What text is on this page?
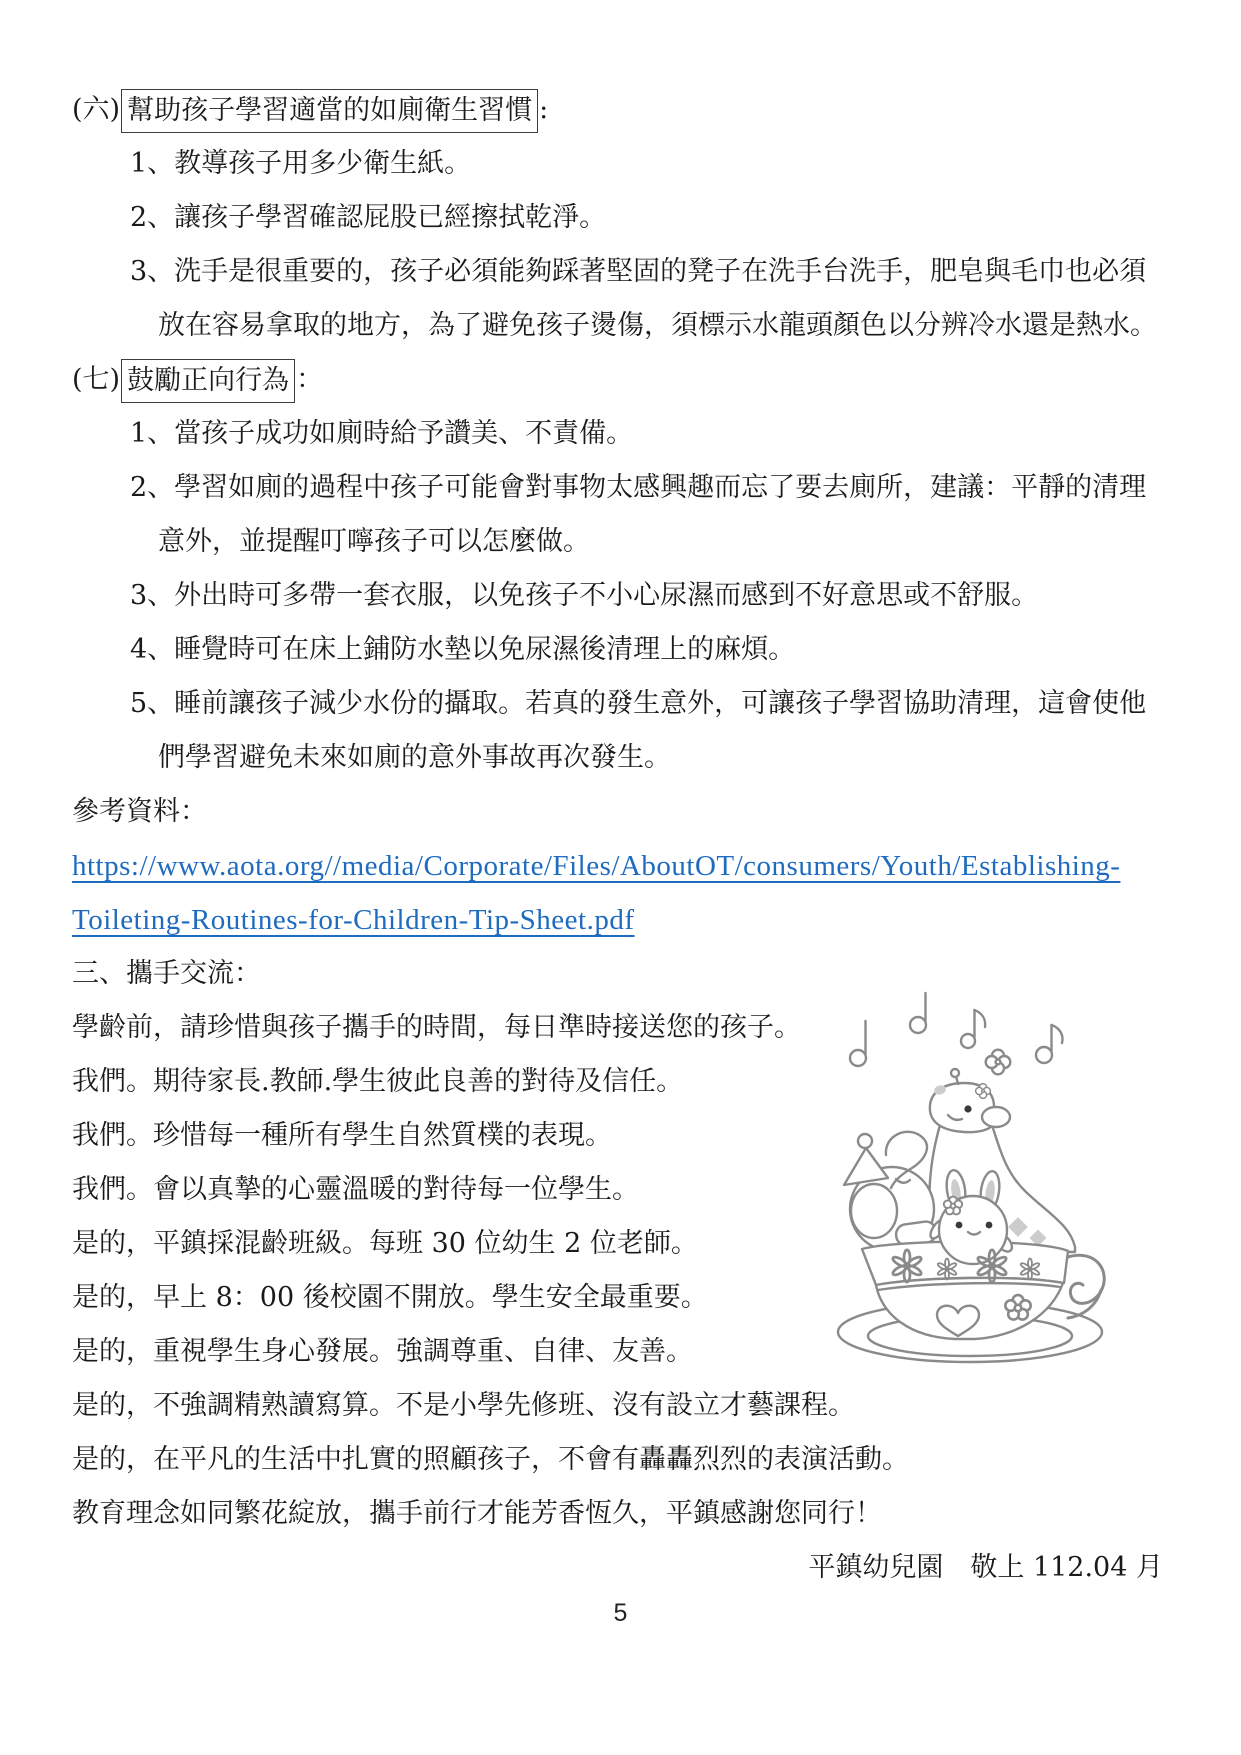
(六) 幫助孩子學習適當的如廁衛生習慣 :
1、教導孩子用多少衛生紙。
2、讓孩子學習確認屁股已經擦拭乾淨。
3、洗手是很重要的，孩子必須能夠踩著堅固的凳子在洗手台洗手，肥皂與毛巾也必須
放在容易拿取的地方，為了避免孩子燙傷，須標示水龍頭顏色以分辨冷水還是熱水。
(七) 鼓勵正向行為 ：
1、當孩子成功如廁時給予讚美、不責備。
2、學習如廁的過程中孩子可能會對事物太感興趣而忘了要去廁所，建議：平靜的清理
意外，並提醒叮嚀孩子可以怎麼做。
3、外出時可多帶一套衣服，以免孩子不小心尿濕而感到不好意思或不舒服。
4、睡覺時可在床上鋪防水墊以免尿濕後清理上的麻煩。
5、睡前讓孩子減少水份的攝取。若真的發生意外，可讓孩子學習協助清理，這會使他
們學習避免未來如廁的意外事故再次發生。
參考資料：
https://www.aota.org//media/Corporate/Files/AboutOT/consumers/Youth/Establishing-
Toileting-Routines-for-Children-Tip-Sheet.pdf
三、攜手交流：
學齡前，請珍惜與孩子攜手的時間，每日準時接送您的孩子。
我們。期待家長.教師.學生彼此良善的對待及信任。
我們。珍惜每一種所有學生自然質樸的表現。
我們。會以真摯的心靈溫暖的對待每一位學生。
是的，平鎮採混齡班級。每班 30 位幼生 2 位老師。
是的，早上 8：00 後校園不開放。學生安全最重要。
是的，重視學生身心發展。強調尊重、自律、友善。
是的，不強調精熟讀寫算。不是小學先修班、沒有設立才藝課程。
是的，在平凡的生活中扎實的照顧孩子，不會有轟轟烈烈的表演活動。
教育理念如同繁花綻放，攜手前行才能芳香恆久，平鎮感謝您同行！
平鎮幼兒園　敬上 112.04 月
5
